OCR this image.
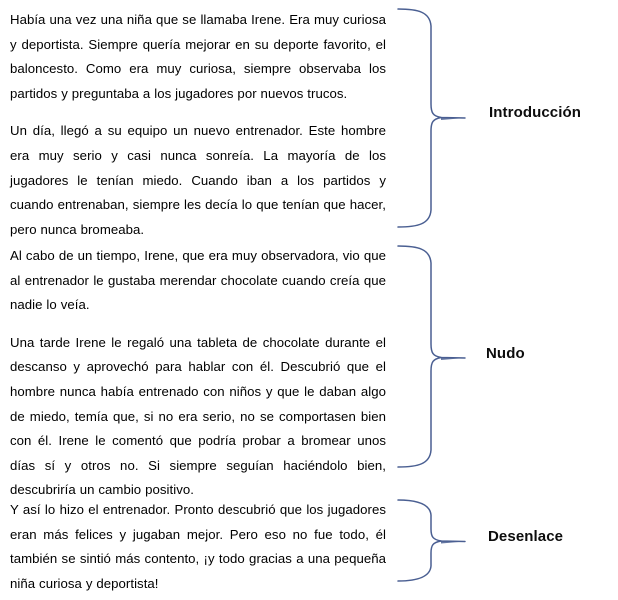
Había una vez una niña que se llamaba Irene. Era muy curiosa y deportista. Siempre quería mejorar en su deporte favorito, el baloncesto. Como era muy curiosa, siempre observaba los partidos y preguntaba a los jugadores por nuevos trucos.

Un día, llegó a su equipo un nuevo entrenador. Este hombre era muy serio y casi nunca sonreía. La mayoría de los jugadores le tenían miedo. Cuando iban a los partidos y cuando entrenaban, siempre les decía lo que tenían que hacer, pero nunca bromeaba.

Al cabo de un tiempo, Irene, que era muy observadora, vio que al entrenador le gustaba merendar chocolate cuando creía que nadie lo veía.

Una tarde Irene le regaló una tableta de chocolate durante el descanso y aprovechó para hablar con él. Descubrió que el hombre nunca había entrenado con niños y que le daban algo de miedo, temía que, si no era serio, no se comportasen bien con él. Irene le comentó que podría probar a bromear unos días sí y otros no. Si siempre seguían haciéndolo bien, descubriría un cambio positivo.

Y así lo hizo el entrenador. Pronto descubrió que los jugadores eran más felices y jugaban mejor. Pero eso no fue todo, él también se sintió más contento, ¡y todo gracias a una pequeña niña curiosa y deportista!

Introducción
Nudo
Desenlace
